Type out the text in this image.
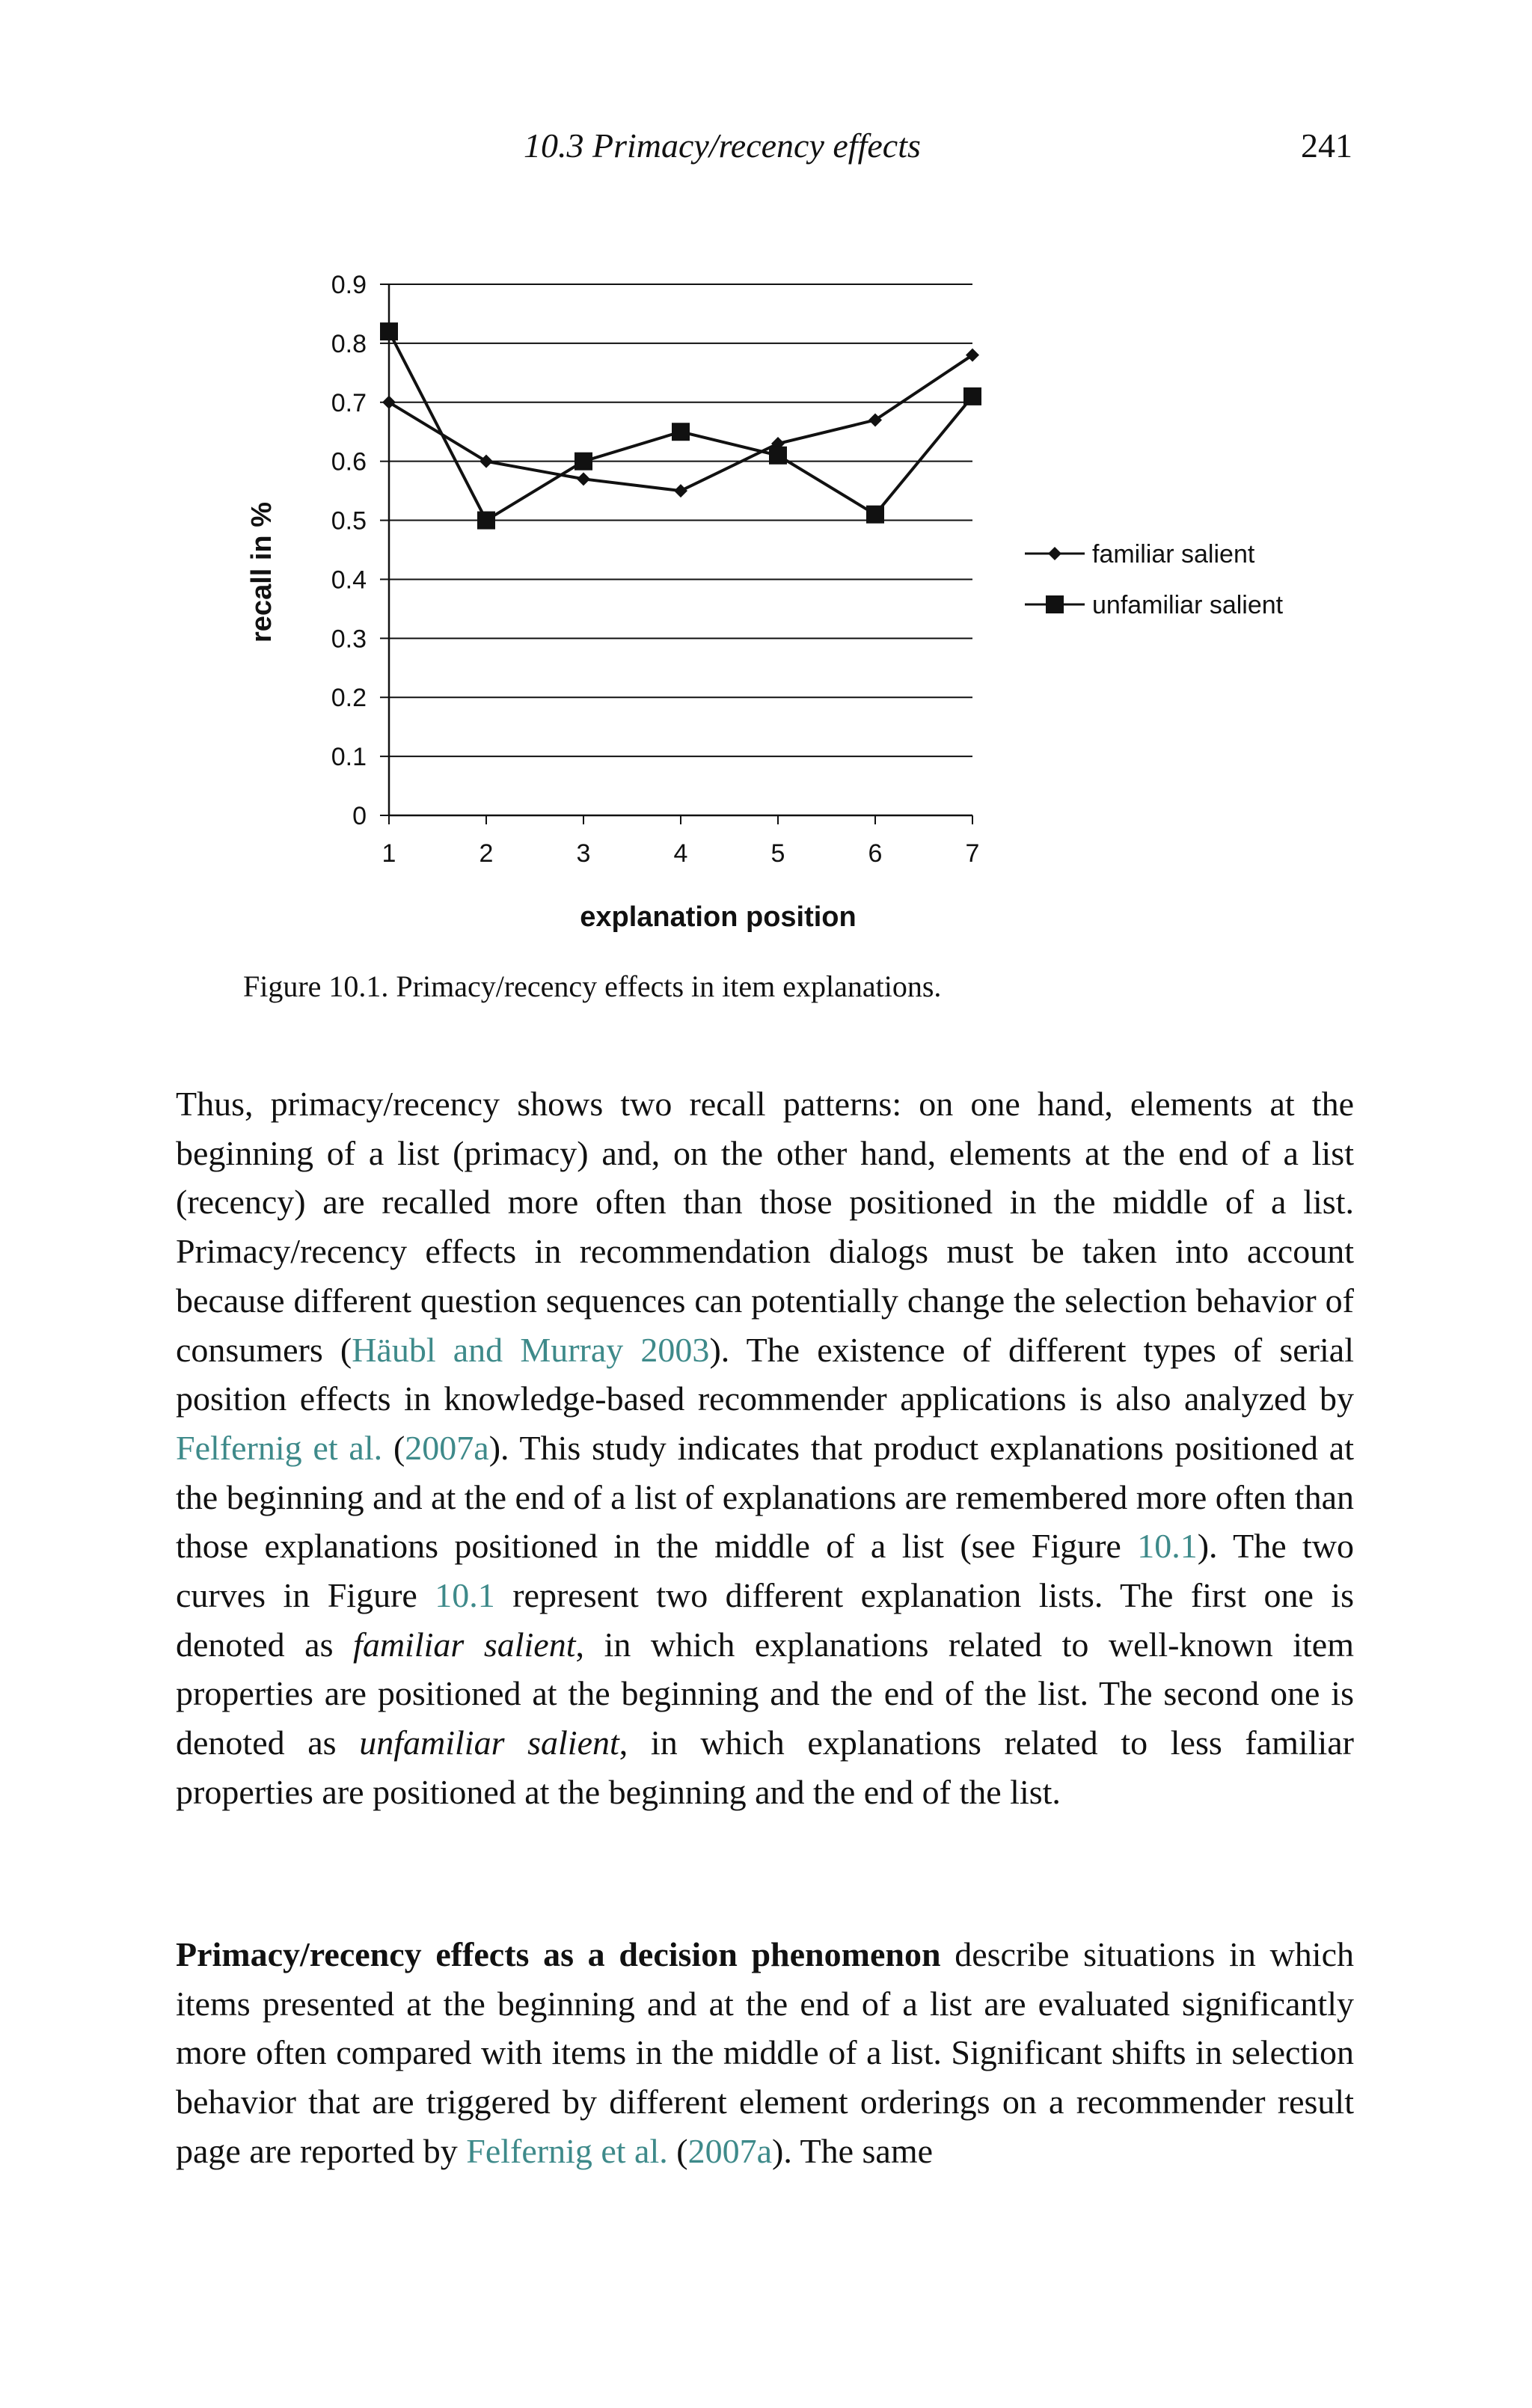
10.3 Primacy/recency effects	241
0
0.1
0.2
0.3
0.4
0.5
0.6
0.7
0.8
0.9
1	2	3	4	5	6	7
familiar salient
unfamiliar salient
explanation position
recall in %
Figure 10.1. Primacy/recency effects in item explanations.

Thus, primacy/recency shows two recall patterns: on one hand, elements at the beginning of a list (primacy) and, on the other hand, elements at the end of a list (recency) are recalled more often than those positioned in the middle of a list. Primacy/recency effects in recommendation dialogs must be taken into account because different question sequences can potentially change the selection behavior of consumers (Häubl and Murray 2003). The existence of different types of serial position effects in knowledge-based recommender applications is also analyzed by Felfernig et al. (2007a). This study indicates that product explanations positioned at the beginning and at the end of a list of explanations are remembered more often than those explanations positioned in the middle of a list (see Figure 10.1). The two curves in Figure 10.1 represent two different explanation lists. The first one is denoted as familiar salient, in which explanations related to well-known item properties are positioned at the beginning and the end of the list. The second one is denoted as unfamiliar salient, in which explanations related to less familiar properties are positioned at the beginning and the end of the list.

Primacy/recency effects as a decision phenomenon describe situations in which items presented at the beginning and at the end of a list are evaluated significantly more often compared with items in the middle of a list. Significant shifts in selection behavior that are triggered by different element orderings on a recommender result page are reported by Felfernig et al. (2007a). The same
